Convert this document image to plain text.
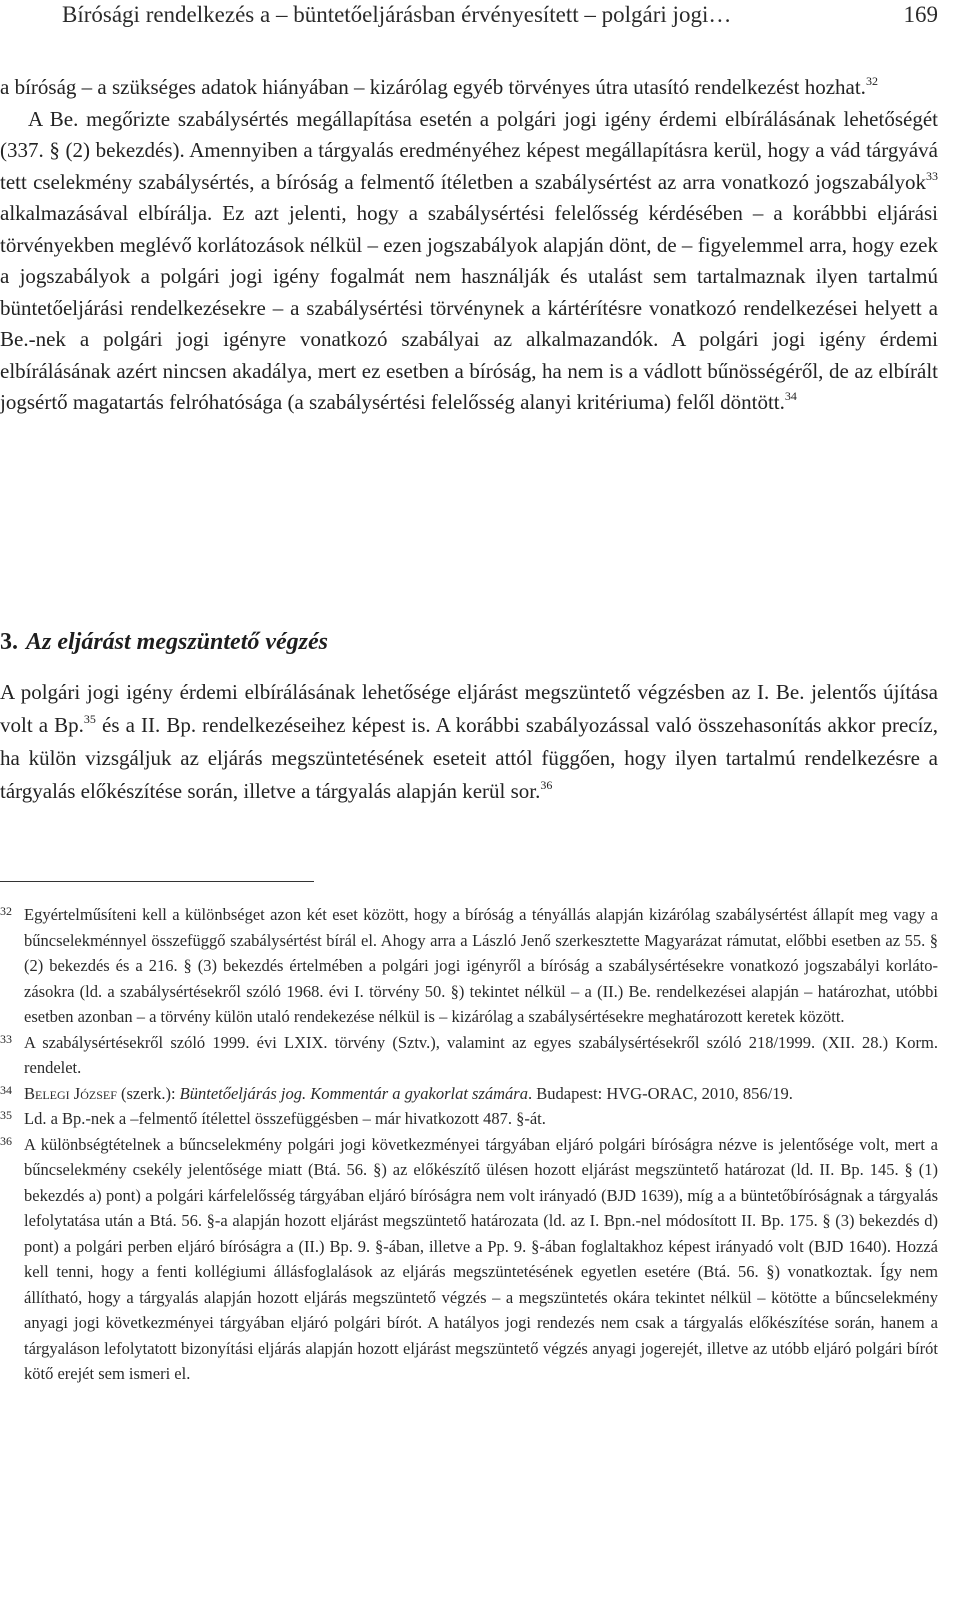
Bírósági rendelkezés a – büntetőeljárásban érvényesített – polgári jogi…	169

a bíróság – a szükséges adatok hiányában – kizárólag egyéb törvényes útra utasító rendelkezést hozhat.$^{32}$

A Be. megőrizte szabálysértés megállapítása esetén a polgári jogi igény érdemi elbírálásának lehetőségét (337. § (2) bekezdés). Amennyiben a tárgyalás eredményéhez képest megállapításra kerül, hogy a vád tárgyává tett cselekmény szabálysértés, a bíróság a felmentő ítéletben a szabálysértést az arra vonatkozó jogszabályok$^{33}$ alkalmazásával elbírálja. Ez azt jelenti, hogy a szabálysértési felelősség kérdésében – a korábbbi eljárási törvényekben meglévő korlátozások nélkül – ezen jogszabályok alapján dönt, de – figyelemmel arra, hogy ezek a jogszabályok a polgári jogi igény fogalmát nem használják és utalást sem tartalmaznak ilyen tartalmú büntetőeljárási rendelkezésekre – a szabálysértési törvénynek a kártérítésre vonatkozó rendelkezései helyett a Be.-nek a polgári jogi igényre vonatkozó szabályai az alkalmazandók. A polgári jogi igény érdemi elbírálásának azért nincsen akadálya, mert ez esetben a bíróság, ha nem is a vádlott bűnösségéről, de az elbírált jogsértő magatartás felróhatósága (a szabálysértési felelősség alanyi kritériuma) felől döntött.$^{34}$

3. Az eljárást megszüntető végzés

A polgári jogi igény érdemi elbírálásának lehetősége eljárást megszüntető végzésben az I. Be. jelentős újítása volt a Bp.$^{35}$ és a II. Bp. rendelkezéseihez képest is. A korábbi szabályozással való összehasonítás akkor precíz, ha külön vizsgáljuk az eljárás megszüntetésének eseteit attól függően, hogy ilyen tartalmú rendelkezésre a tárgyalás előkészítése során, illetve a tárgyalás alapján kerül sor.$^{36}$

32 Egyértelműsíteni kell a különbséget azon két eset között, hogy a bíróság a tényállás alapján kizárólag szabálysértést állapít meg vagy a bűncselekménnyel összefüggő szabálysértést bírál el. Ahogy arra a László Jenő szerkesztette Magyarázat rámutat, előbbi esetben az 55. § (2) bekezdés és a 216. § (3) bekezdés értelmében a polgári jogi igényről a bíróság a szabálysértésekre vonatkozó jogszabályi korlátozásokra (ld. a szabálysértésekről szóló 1968. évi I. törvény 50. §) tekintet nélkül – a (II.) Be. rendelkezései alapján – határozhat, utóbbi esetben azonban – a törvény külön utaló rendekezése nélkül is – kizárólag a szabálysértésekre meghatározott keretek között.

33 A szabálysértésekről szóló 1999. évi LXIX. törvény (Sztv.), valamint az egyes szabálysértésekről szóló 218/1999. (XII. 28.) Korm. rendelet.

34 Belegi József (szerk.): Büntetőeljárás jog. Kommentár a gyakorlat számára. Budapest: HVG-ORAC, 2010, 856/19.

35 Ld. a Bp.-nek a –felmentő ítélettel összefüggésben – már hivatkozott 487. §-át.

36 A különbségtételnek a bűncselekmény polgári jogi következményei tárgyában eljáró polgári bíróságra nézve is jelentősége volt, mert a bűncselekmény csekély jelentősége miatt (Btá. 56. §) az előkészítő ülésen hozott eljárást megszüntető határozat (ld. II. Bp. 145. § (1) bekezdés a) pont) a polgári kárfelelősség tárgyában eljáró bíróságra nem volt irányadó (BJD 1639), míg a a büntetőbíróságnak a tárgyalás lefolytatása után a Btá. 56. §-a alapján hozott eljárást megszüntető határozata (ld. az I. Bpn.-nel módosított II. Bp. 175. § (3) bekezdés d) pont) a polgári perben eljáró bíróságra a (II.) Bp. 9. §-ában, illetve a Pp. 9. §-ában foglaltakhoz képest irányadó volt (BJD 1640). Hozzá kell tenni, hogy a fenti kollégiumi állásfoglalások az eljárás megszüntetésének egyetlen esetére (Btá. 56. §) vonatkoztak. Így nem állítható, hogy a tárgyalás alapján hozott eljárás megszüntető végzés – a megszüntetés okára tekintet nélkül – kötötte a bűncselekmény anyagi jogi következményei tárgyában eljáró polgári bírót. A hatályos jogi rendezés nem csak a tárgyalás előkészítése során, hanem a tárgyaláson lefolytatott bizonyítási eljárás alapján hozott eljárást megszüntető végzés anyagi jogerejét, illetve az utóbb eljáró polgári bírót kötő erejét sem ismeri el.
